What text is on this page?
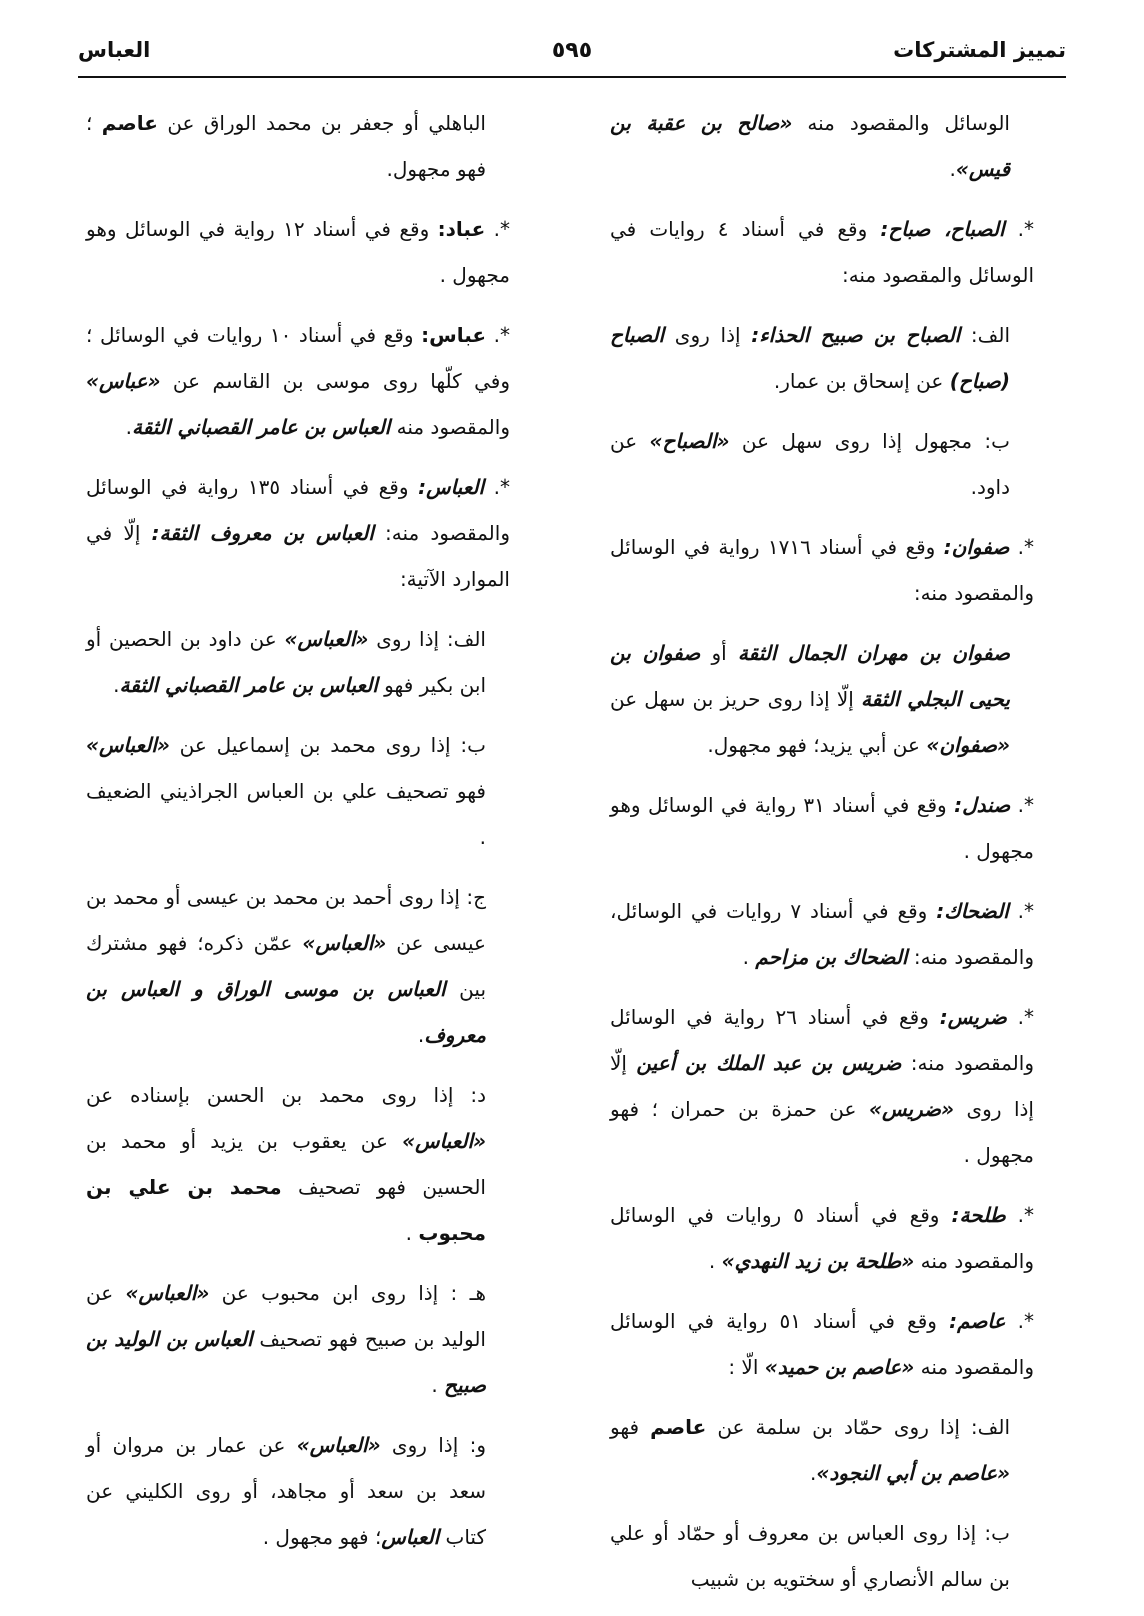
تمييز المشتركات
٥٩٥
العباس

الوسائل والمقصود منه «صالح بن عقبة بن قيس».

*. الصباح، صباح: وقع في أسناد ٤ روايات في الوسائل والمقصود منه:

الف: الصباح بن صبيح الحذاء: إذا روى الصباح (صباح) عن إسحاق بن عمار.

ب: مجهول إذا روى سهل عن «الصباح» عن داود.

*. صفوان: وقع في أسناد ١٧١٦ رواية في الوسائل والمقصود منه:

صفوان بن مهران الجمال الثقة أو صفوان بن يحيى البجلي الثقة إلّا إذا روى حريز بن سهل عن «صفوان» عن أبي يزيد؛ فهو مجهول.

*. صندل: وقع في أسناد ٣١ رواية في الوسائل وهو مجهول .

*. الضحاك: وقع في أسناد ٧ روايات في الوسائل، والمقصود منه: الضحاك بن مزاحم .

*. ضريس: وقع في أسناد ٢٦ رواية في الوسائل والمقصود منه: ضريس بن عبد الملك بن أعين إلّا إذا روى «ضريس» عن حمزة بن حمران ؛ فهو مجهول .

*. طلحة: وقع في أسناد ٥ روايات في الوسائل والمقصود منه «طلحة بن زيد النهدي» .

*. عاصم: وقع في أسناد ٥١ رواية في الوسائل والمقصود منه «عاصم بن حميد» الّا :

الف: إذا روى حمّاد بن سلمة عن عاصم فهو «عاصم بن أبي النجود».

ب: إذا روى العباس بن معروف أو حمّاد أو علي بن سالم الأنصاري أو سختويه بن شبيب

الباهلي أو جعفر بن محمد الوراق عن عاصم ؛ فهو مجهول.

*. عباد: وقع في أسناد ١٢ رواية في الوسائل وهو مجهول .

*. عباس: وقع في أسناد ١٠ روايات في الوسائل ؛ وفي كلّها روى موسى بن القاسم عن «عباس» والمقصود منه العباس بن عامر القصباني الثقة.

*. العباس: وقع في أسناد ١٣٥ رواية في الوسائل والمقصود منه: العباس بن معروف الثقة: إلّا في الموارد الآتية:

الف: إذا روى «العباس» عن داود بن الحصين أو ابن بكير فهو العباس بن عامر القصباني الثقة.

ب: إذا روى محمد بن إسماعيل عن «العباس» فهو تصحيف علي بن العباس الجراذيني الضعيف .

ج: إذا روى أحمد بن محمد بن عيسى أو محمد بن عيسى عن «العباس» عمّن ذكره؛ فهو مشترك بين العباس بن موسى الوراق و العباس بن معروف.

د: إذا روى محمد بن الحسن بإسناده عن «العباس» عن يعقوب بن يزيد أو محمد بن الحسين فهو تصحيف محمد بن علي بن محبوب .

هـ : إذا روى ابن محبوب عن «العباس» عن الوليد بن صبيح فهو تصحيف العباس بن الوليد بن صبيح .

و: إذا روى «العباس» عن عمار بن مروان أو سعد بن سعد أو مجاهد، أو روى الكليني عن كتاب العباس؛ فهو مجهول .
